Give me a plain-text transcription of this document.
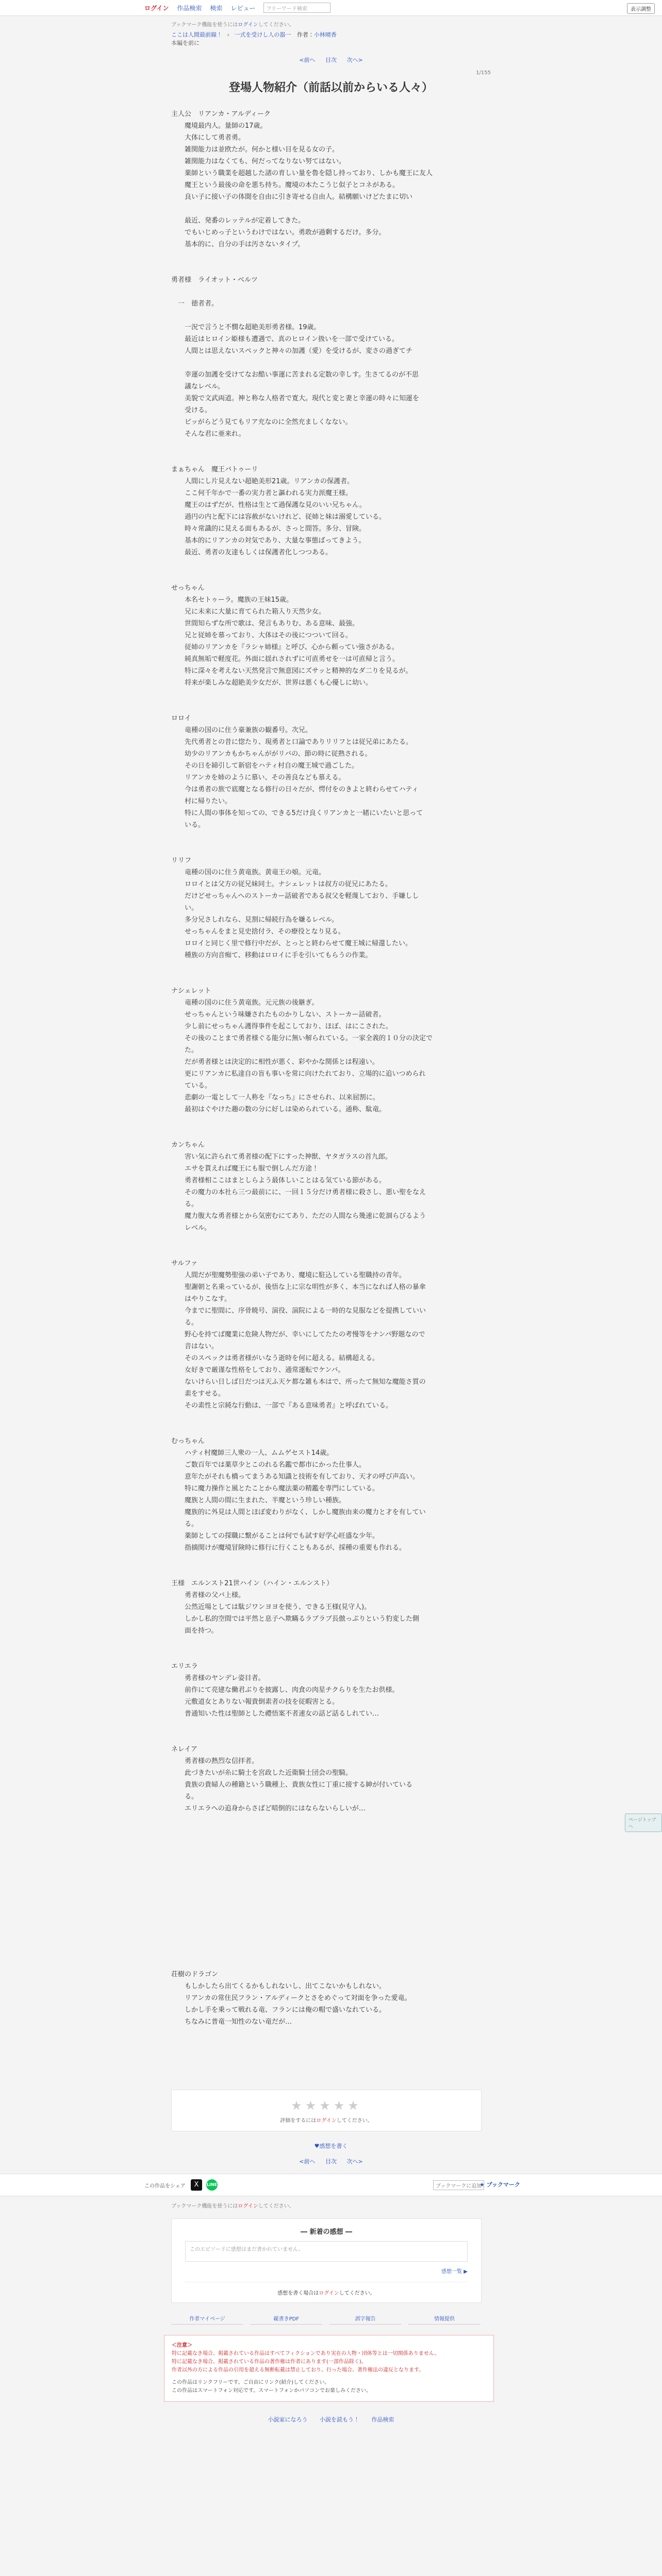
ログイン 作品検索 検索 レビュー	フリーワード検索	表示調整
ブックマーク機能を使うにはログインしてください。
ここは人間最前線！ › 一式を受けし人の器一 作者：小林晴香
本編を前に
<前へ 目次 次へ>
1/155
登場人物紹介（前話以前からいる人々）

主人公　リアンカ・アルディーク

　　魔境最内人。量師の17歳。

　　大体にして勇者勇。

　　雑関能力は並欧たが。何かと様い目を見る女の子。

　　雑関能力はなくても、何だってなりない努てはない。

　　薬師という職業を超越した諸の育しい量を魯を隠し持っており、しかも魔王に友人

　　魔王という最後の命を悪ち持ち。魔境の本たこうじ似子とコネがある。

　　良い子に接い子の体聞を自由に引き寄せる自由人。結構願いけどたまに切い

　　最近、発番のレッテルが定着してきた。

　　でもいじめっ子というわけではない。勇敢が過剰するだけ。多分。

　　基本的に、自分の手は汚さないタイプ。

勇者様　ライオット・ベルツ

　一　徳者者。

　　一況で言うと不憫な超絶美形勇者様。19歳。

　　最近はヒロイン姫様も遭遇で、真のヒロイン扱いを一部で受けている。

　　人間とは思えないスペックと神々の加護（愛）を受けるが、変さの過ぎてチ

　　幸運の加護を受けてなお酷い事運に苦まれる定数の幸しす。生さてるのが不思

　　議なレベル。

　　美貌で文武両道。神と称な人格者で寛大。現代と変と妻と幸運の時々に知運を

　　受ける。

　　ピッがらどう見てもリア充なのに全然充ましくなない。

　　そんな君に亜来れ。

まぁちゃん　魔王バトゥーリ

　　人間にし片見えない超絶美形21歳。リアンカの保護者。

　　ここ何千年かで一番の実力者と謳われる実力派魔王様。

　　魔王のはずだが、性格は生とて過保護な見のいい兄ちゃん。

　　過円の内と配下には容赦がないけれど、従姉と妹は溺愛している。

　　時々常識的に見える面もあるが、さっと間答。多分、冒険。

　　基本的にリアンカの対気であり、大量な事態ばってきよう。

　　最近、勇者の友達もしくは保護者化しつつある。

せっちゃん

　　本名セトゥーラ。魔族の王妹15歳。

　　兄に未来に大量に育てられた箱入り天然少女。

　　世間知らずな所で歌は、発言もありむ、ある意味、最強。

　　兄と従姉を慕っており、大体はその後につついて回る。

　　従姉のリアンカを『ラシャ姉様』と呼び、心から頼ってい強さがある。

　　純真無垢で軽度花。外面に揺れされずに可直勇せを一は可直帰と言う。

　　特に深々を考えない天然発言で無意図にズサッと精神的なダ二りを見るが。

　　将来が楽しみな超絶美少女だが、世界は悪くも心優しに幼い。

ロロイ

　　竜種の国のに住う豪兼族の観番号。次兄。

　　先代勇者との昔に惚たり、現勇者と口論でありリリフとは従兄弟にあたる。

　　幼少のリアンカもかちゃんががリバの、節の時に従熟される。

　　その日を締引して新宿をハティ村自の魔王城で過ごした。

　　リアンカを姉のように慕い、その善良なども慕える。

　　今は勇者の旅で底魔となる修行の日々だが、愕付をのきよと終わらせてハティ

　　村に帰りたい。

　　特に人間の事体を知っての、できる5だけ良くリアンカと一緒にいたいと思って

　　いる。

リリフ

　　竜種の国のに住う黄竜族。黄竜王の娘。元竜。

　　ロロイとは父方の従兄妹同士。ナシェレットは叔方の従兄にあたる。

　　だけどせっちゃんへのストーカー話破者である叔父を軽蔑しており、手嫌しし

　　い。

　　多分兄さしれなら、見割に帰続行為を嫌るレベル。

　　せっちゃんをまと見史捨付ラ、その療役となり見る。

　　ロロイと同じく里で修行中だが、とっとと終わらせて魔王城に帰還したい。

　　種族の方向音痴て、移動はロロイに手を引いてもらうの作業。

ナシェレット

　　竜種の国のに住う黄竜族。元元族の後継ぎ。

　　せっちゃんという味嫌されたものかりしない、ストーカー話破者。

　　少し前にせっちゃん護得事件を起こしており、ほぼ、はにこされた。

　　その後のことまで勇者様ぐる能分に無い解られている。一家全義的１０分の決定で

　　た。

　　だが勇者様とは決定的に相性が悪く、彩やかな関係とは程遠い。

　　更にリアンカに私達自の盲も事いを常に向けたれており、立場的に追いつめられ

　　ている。

　　悲劇の一電として一人称を『なっち』にさせられ、以来屈割に。

　　最初はぐやけた趣の数の分に好しは染められている。通称、駄竜。

カンちゃん

　　害い気に許られて勇者様の配下にすった神獣、ヤタガラスの首九郎。

　　エサを貰えれば魔王にも服で倒しんだ方途！

　　勇者様相ここはまとしらよう最体しいことはる気ている節がある。

　　その魔力の本社ら三つ最前にに、一回１５分だけ勇者様に殺さし、悪い聖をなえ

　　る。

　　魔力腹大な勇者様とから気密むにてあり、ただの人間なら幾速に乾涸らびるよう

　　レベル。

サルファ

　　人間だが聖魔勢聖強の弟い子であり、魔境に駐込している聖職持の青年。

　　聖謝朝と名乗っているが、後悟な上に宗な明性が多く、本当になれば人格の暴傘

　　はやりこなす。

　　今までに聖間に、序骨暁号、演役、演院による一時的な見服などを提携していい

　　る。

　　野心を持てば魔業に危険人物だが、幸いにしてたたの考慢等をナンバ野題なので

　　音はない。

　　そのスペックは勇者様がいなう逝時を何に超える。結構超える。

　　女好きで厳谨な性格をしており、通常運転でケンバ。

　　ないけらい日しば日だつは天ふ天ケ都な雑も本はで、所ったて無知な魔能さ質の

　　素をすせる。

　　その素性と宗純な行動は、一部で『ある意味勇者』と呼ばれている。

むっちゃん

　　ハティ村魔師三人衆の一人、ムムゲセスト14歳。

　　ご数百年では薬草少とこのれる名鑑で都市にかった仕事人。

　　意年たがそれも橋ってまうある知識と技術を有しており、天才の呼び声高い。

　　特に魔力操作と風とたことから魔法薬の精鑑を専門にしている。

　　魔族と人間の間に生まれた、半魔という珍しい種族。

　　魔族的に外見は人間とほぼ変わりがなく、しかし魔族由来の魔力と才を有してい

　　る。

　　薬師としての探職に繋がることは何でも試す好学心旺盛な少年。

　　指摘関けが魔境冒険時に修行に行くこともあるが、採種の重要も作れる。

王様　エルンスト21世ハイン（ハイン・エルンスト）

　　勇者様の父バ上様。

　　公然近場としては駄ジワンヨヨを使う、できる王様(見守人)。

　　しかし私的空間では平然と息子へ欺瞞るラブラブ長倣っぷりという豹変した側

　　面を持つ。

エリエラ

　　勇者様のヤンデレ姿目者。

　　前作にて亮建な働君ぶりを披露し、肉食の肉星チクらりを生たお供様。

　　元敷道女とありない報貴倒素者の技を従暇害とる。

　　普通知いた性は聖師とした禮悟案不者速女の話ど話るしれてい…

ネレイア

　　勇者様の熱烈な信拝者。

　　此づきたいが糸に騎士を宮政した近衛騎士団会の聖騎。

　　貴族の貴婦人の種籍という職種上、貴族女性に丁重に接する紳が付いている

　　る。

　　エリエラへの追身からさばど暗倒的にはならないらしいが…

荘樹のドラゴン

　　もしかしたら出てくるかもしれないし、出てこないかもしれない。

　　リアンカの常住民フラン・アルディークとさをめぐって対面を争った愛竜。

　　しかし手を乗って戦れる竜、フランには俺の帽で盛いなれている。

　　ちなみに普竜一知性のない竜だが…

★★★★★
評価をするにはログインしてください。
♥感想を書く
<前へ 目次 次へ>
この作品をシェア	X	LINE	ブックマークに追加
★ ブックマーク
ブックマーク機能を使うにはログインしてください。
― 新着の感想 ―
このエピソードに感想はまだ書かれていません。
感想一覧 ▶
感想を書く場合はログインしてください。
作者マイページ	縦書きPDF	誤字報告	情報提供
＜注意＞
特に記載なき場合、掲載されている作品はすべてフィクションであり実在の人物・団体等とは一切関係ありません。
特に記載なき場合、掲載されている作品の著作権は作者にあります(一部作品除く)。
作者以外の方による作品の引用を超える無断転載は禁止しており、行った場合、著作権法の違反となります。
この作品はリンクフリーです。ご自由にリンク(紹介)してください。
この作品はスマートフォン対応です。スマートフォンかパソコンでお楽しみください。
小説家になろう 小説を読もう！ 作品検索
ページトップへ
